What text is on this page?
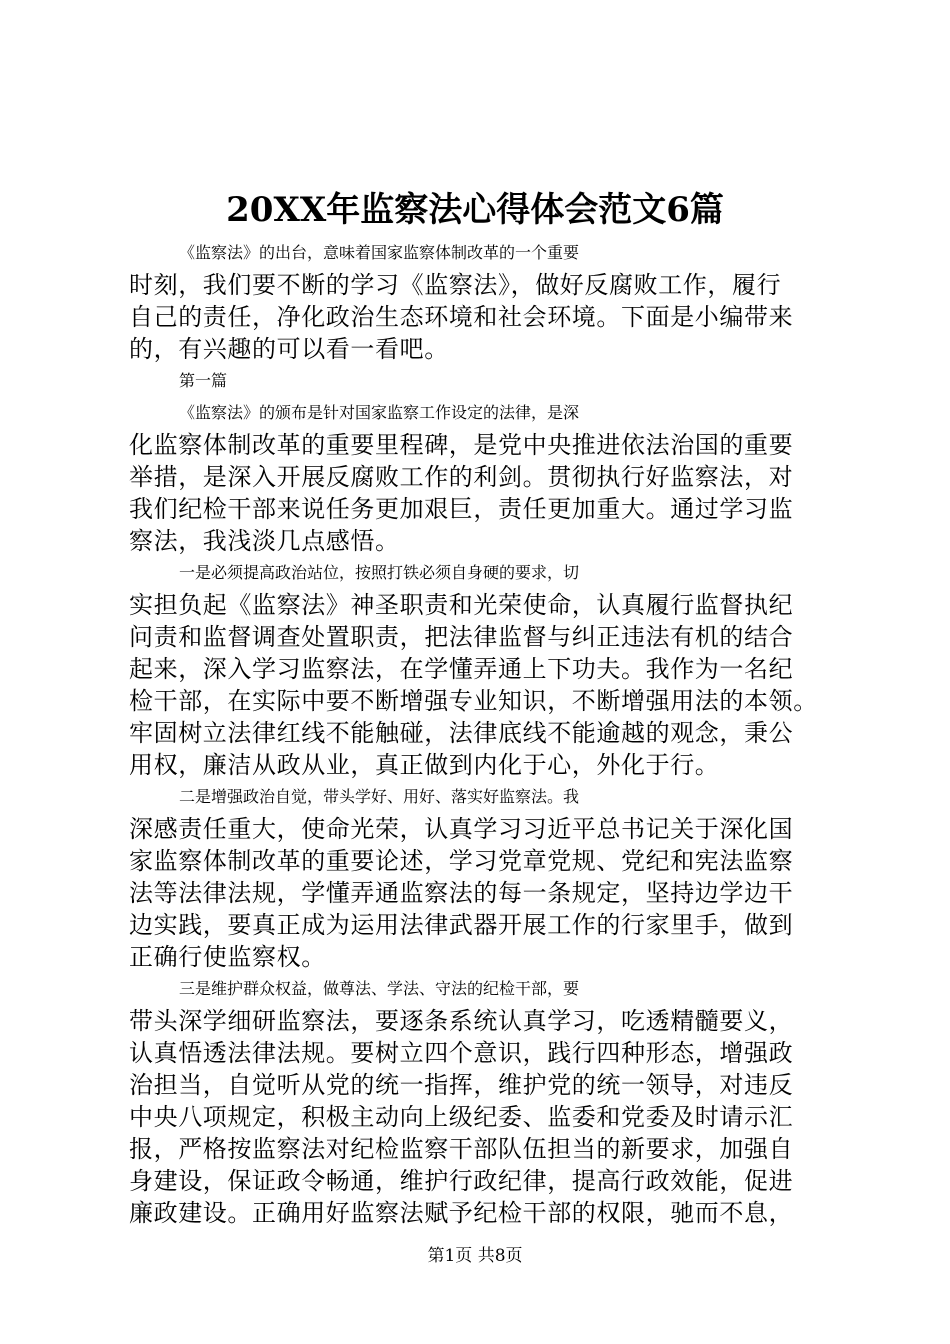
20XX年监察法心得体会范文6篇
《监察法》的出台，意味着国家监察体制改革的一个重要
时刻，我们要不断的学习《监察法》，做好反腐败工作，履行
自己的责任，净化政治生态环境和社会环境。下面是小编带来
的，有兴趣的可以看一看吧。
第一篇
《监察法》的颁布是针对国家监察工作设定的法律，是深
化监察体制改革的重要里程碑，是党中央推进依法治国的重要
举措，是深入开展反腐败工作的利剑。贯彻执行好监察法，对
我们纪检干部来说任务更加艰巨，责任更加重大。通过学习监
察法，我浅淡几点感悟。
一是必须提高政治站位，按照打铁必须自身硬的要求，切
实担负起《监察法》神圣职责和光荣使命，认真履行监督执纪
问责和监督调查处置职责，把法律监督与纠正违法有机的结合
起来，深入学习监察法，在学懂弄通上下功夫。我作为一名纪
检干部，在实际中要不断增强专业知识，不断增强用法的本领。
牢固树立法律红线不能触碰，法律底线不能逾越的观念，秉公
用权，廉洁从政从业，真正做到内化于心，外化于行。
二是增强政治自觉，带头学好、用好、落实好监察法。我
深感责任重大，使命光荣，认真学习习近平总书记关于深化国
家监察体制改革的重要论述，学习党章党规、党纪和宪法监察
法等法律法规，学懂弄通监察法的每一条规定，坚持边学边干
边实践，要真正成为运用法律武器开展工作的行家里手，做到
正确行使监察权。
三是维护群众权益，做尊法、学法、守法的纪检干部，要
带头深学细研监察法，要逐条系统认真学习，吃透精髓要义，
认真悟透法律法规。要树立四个意识，践行四种形态，增强政
治担当，自觉听从党的统一指挥，维护党的统一领导，对违反
中央八项规定，积极主动向上级纪委、监委和党委及时请示汇
报，严格按监察法对纪检监察干部队伍担当的新要求，加强自
身建设，保证政令畅通，维护行政纪律，提高行政效能，促进
廉政建设。正确用好监察法赋予纪检干部的权限，驰而不息，
第1页 共8页
